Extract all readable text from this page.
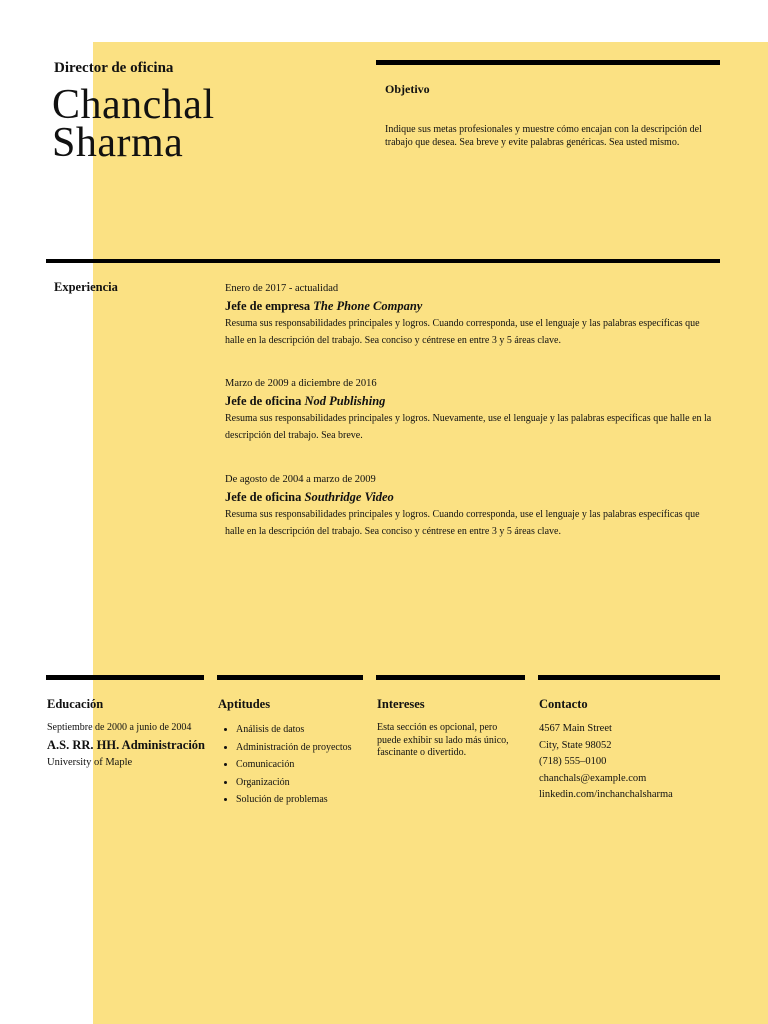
Director de oficina
Chanchal
Sharma
Objetivo
Indique sus metas profesionales y muestre cómo encajan con la descripción del trabajo que desea. Sea breve y evite palabras genéricas. Sea usted mismo.
Experiencia	Enero de 2017 - actualidad
Jefe de empresa The Phone Company
Resuma sus responsabilidades principales y logros. Cuando corresponda, use el lenguaje y las palabras específicas que halle en la descripción del trabajo. Sea conciso y céntrese en entre 3 y 5 áreas clave.
Marzo de 2009 a diciembre de 2016
Jefe de oficina Nod Publishing
Resuma sus responsabilidades principales y logros. Nuevamente, use el lenguaje y las palabras específicas que halle en la descripción del trabajo. Sea breve.
De agosto de 2004 a marzo de 2009
Jefe de oficina Southridge Video
Resuma sus responsabilidades principales y logros. Cuando corresponda, use el lenguaje y las palabras específicas que halle en la descripción del trabajo. Sea conciso y céntrese en entre 3 y 5 áreas clave.
Educación	Aptitudes	Intereses	Contacto
Septiembre de 2000 a junio de 2004
A.S. RR. HH. Administración
University of Maple
• Análisis de datos
• Administración de proyectos
• Comunicación
• Organización
• Solución de problemas
Esta sección es opcional, pero puede exhibir su lado más único, fascinante o divertido.
4567 Main Street
City, State 98052
(718) 555–0100
chanchals@example.com
linkedin.com/inchanchalsharma
